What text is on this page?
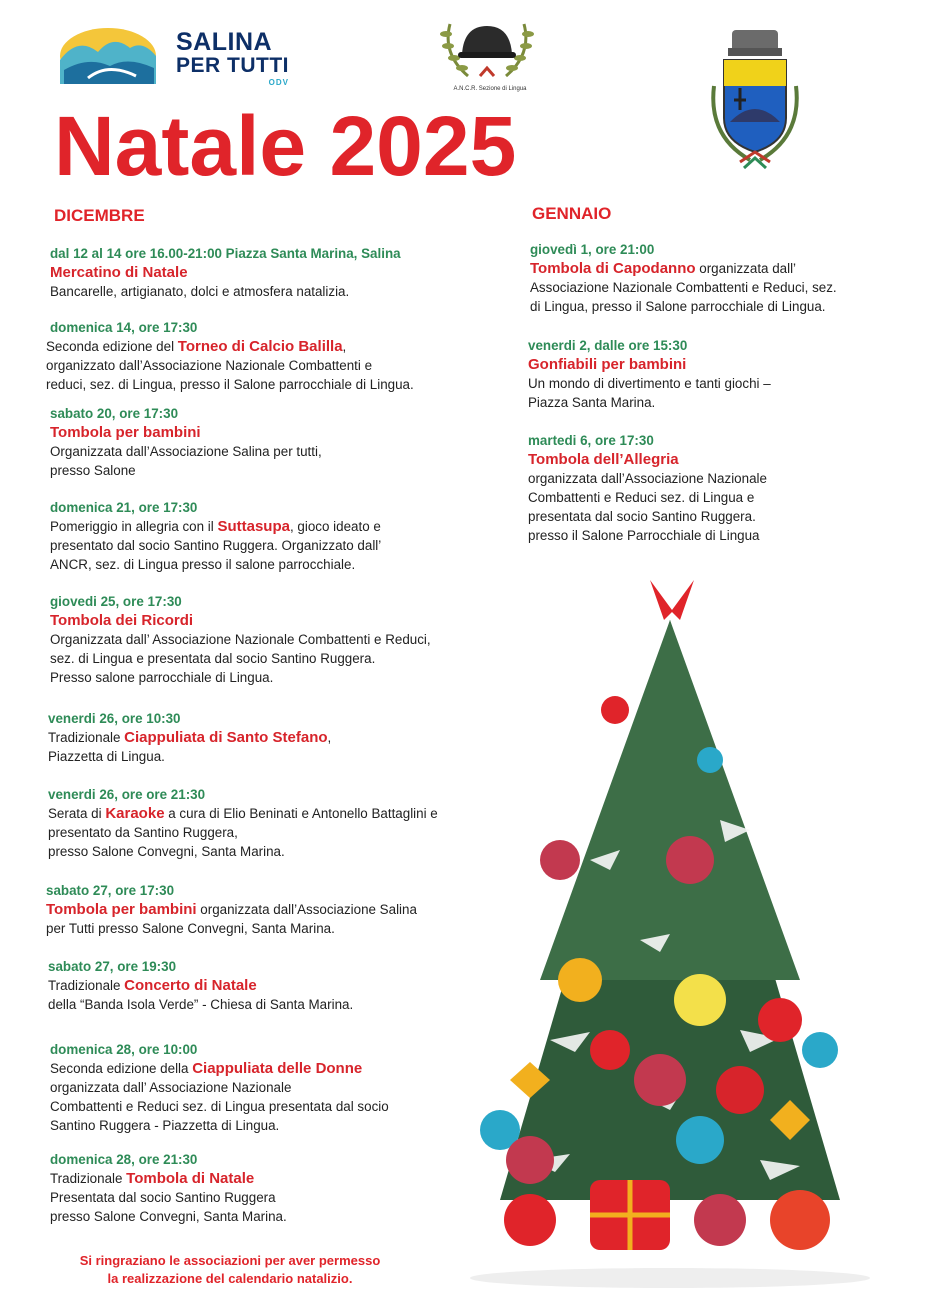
SALINA
PER TUTTI
ODV
A.N.C.R. Sezione di Lingua
Natale 2025
DICEMBRE
dal 12 al 14 ore 16.00-21:00 Piazza Santa Marina, Salina
Mercatino di Natale
Bancarelle, artigianato, dolci e atmosfera natalizia.
domenica 14, ore 17:30
Seconda edizione del Torneo di Calcio Balilla,
organizzato dall’Associazione Nazionale Combattenti e
reduci, sez. di Lingua, presso il Salone parrocchiale di Lingua.
sabato 20, ore 17:30
Tombola per bambini
Organizzata dall’Associazione Salina per tutti,
presso Salone
domenica 21, ore 17:30
Pomeriggio in allegria con il Suttasupa, gioco ideato e
presentato dal socio Santino Ruggera. Organizzato dall’
ANCR, sez. di Lingua presso il salone parrocchiale.
giovedi 25, ore 17:30
Tombola dei Ricordi
Organizzata dall’ Associazione Nazionale Combattenti e Reduci,
sez. di Lingua e presentata dal socio Santino Ruggera.
Presso salone parrocchiale di Lingua.
venerdi 26, ore 10:30
Tradizionale Ciappuliata di Santo Stefano,
Piazzetta di Lingua.
venerdi 26, ore ore 21:30
Serata di Karaoke a cura di Elio Beninati e Antonello Battaglini e
presentato da Santino Ruggera,
presso Salone Convegni, Santa Marina.
sabato 27, ore 17:30
Tombola per bambini organizzata dall’Associazione Salina
per Tutti presso Salone Convegni, Santa Marina.
sabato 27, ore 19:30
Tradizionale Concerto di Natale
della “Banda Isola Verde” - Chiesa di Santa Marina.
domenica 28, ore 10:00
Seconda edizione della Ciappuliata delle Donne
organizzata dall’ Associazione Nazionale
Combattenti e Reduci sez. di Lingua presentata dal socio
Santino Ruggera - Piazzetta di Lingua.
domenica 28, ore 21:30
Tradizionale Tombola di Natale
Presentata dal socio Santino Ruggera
presso Salone Convegni, Santa Marina.
GENNAIO
giovedì 1, ore 21:00
Tombola di Capodanno organizzata dall’
Associazione Nazionale Combattenti e Reduci, sez.
di Lingua, presso il Salone parrocchiale di Lingua.
venerdi 2, dalle ore 15:30
Gonfiabili per bambini
Un mondo di divertimento e tanti giochi –
Piazza Santa Marina.
martedi 6, ore 17:30
Tombola dell’Allegria
organizzata dall’Associazione Nazionale
Combattenti e Reduci sez. di Lingua e
presentata dal socio Santino Ruggera.
presso il Salone Parrocchiale di Lingua
Si ringraziano le associazioni per aver permesso
la realizzazione del calendario natalizio.
